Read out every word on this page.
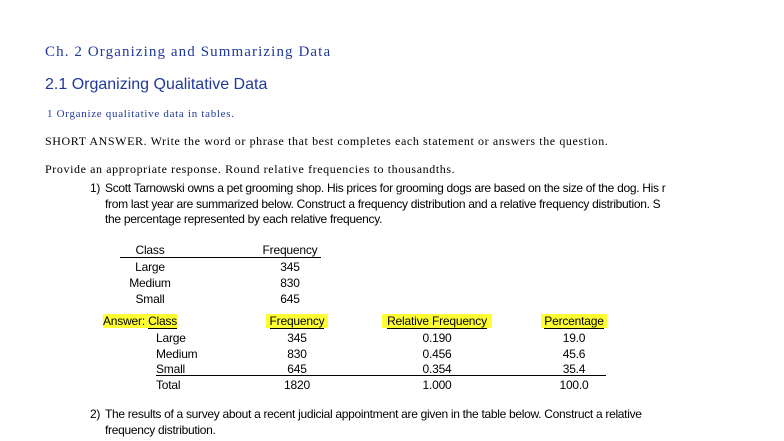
Ch. 2 Organizing and Summarizing Data
2.1 Organizing Qualitative Data
1 Organize qualitative data in tables.
SHORT ANSWER. Write the word or phrase that best completes each statement or answers the question.
Provide an appropriate response. Round relative frequencies to thousandths.
1) Scott Tarnowski owns a pet grooming shop. His prices for grooming dogs are based on the size of the dog. His r
from last year are summarized below. Construct a frequency distribution and a relative frequency distribution. S
the percentage represented by each relative frequency.
Class	Frequency
Large	345
Medium	830
Small	645
Answer: Class	Frequency	Relative Frequency	Percentage
Large	345	0.190	19.0
Medium	830	0.456	45.6
Small	645	0.354	35.4
Total	1820	1.000	100.0
2) The results of a survey about a recent judicial appointment are given in the table below. Construct a relative
frequency distribution.
